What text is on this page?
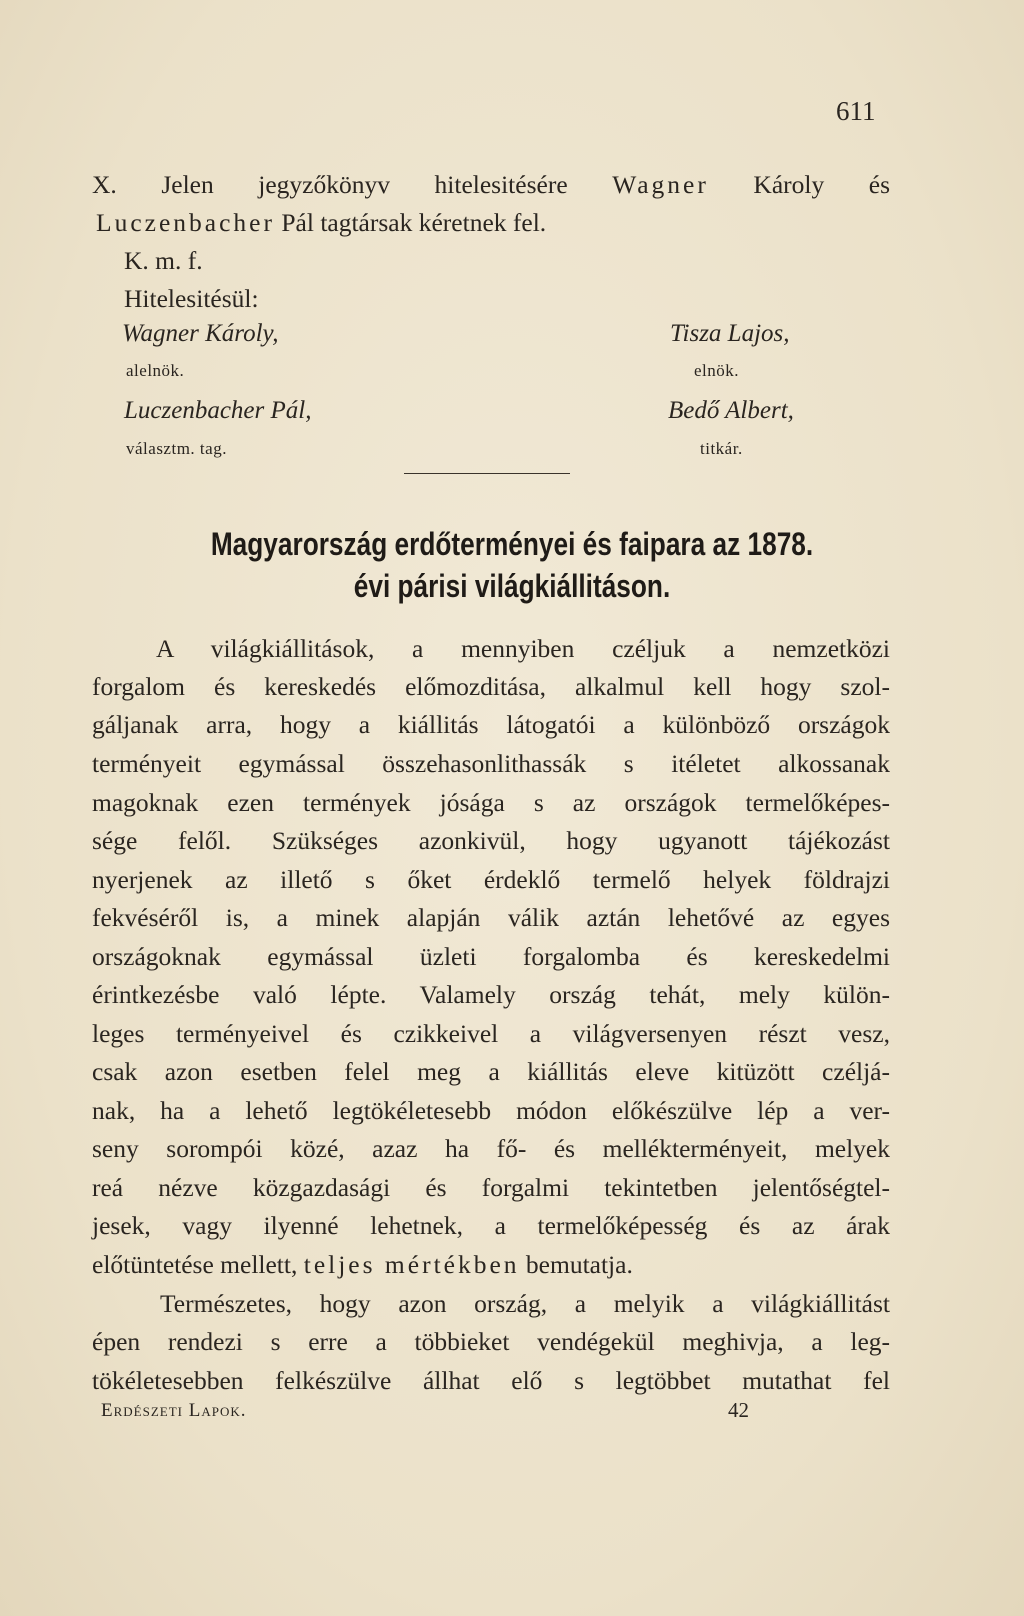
611
X. Jelen jegyzőkönyv hitelesitésére Wagner Károly és
Luczenbacher Pál tagtársak kéretnek fel.
K. m. f.
Hitelesitésül:
Wagner Károly,
alelnök.
Luczenbacher Pál,
választm. tag.
Tisza Lajos,
elnök.
Bedő Albert,
titkár.
Magyarország erdőterményei és faipara az 1878.
évi párisi világkiállitáson.
A világkiállitások, a mennyiben czéljuk a nemzetközi
forgalom és kereskedés előmozditása, alkalmul kell hogy szol-
gáljanak arra, hogy a kiállitás látogatói a különböző országok
terményeit egymással összehasonlithassák s itéletet alkossanak
magoknak ezen termények jósága s az országok termelőképes-
sége felől. Szükséges azonkivül, hogy ugyanott tájékozást
nyerjenek az illető s őket érdeklő termelő helyek földrajzi
fekvéséről is, a minek alapján válik aztán lehetővé az egyes
országoknak egymással üzleti forgalomba és kereskedelmi
érintkezésbe való lépte. Valamely ország tehát, mely külön-
leges terményeivel és czikkeivel a világversenyen részt vesz,
csak azon esetben felel meg a kiállitás eleve kitüzött czéljá-
nak, ha a lehető legtökéletesebb módon előkészülve lép a ver-
seny sorompói közé, azaz ha fő- és mellékterményeit, melyek
reá nézve közgazdasági és forgalmi tekintetben jelentőségtel-
jesek, vagy ilyenné lehetnek, a termelőképesség és az árak
előtüntetése mellett, teljes mértékben bemutatja.
Természetes, hogy azon ország, a melyik a világkiállitást
épen rendezi s erre a többieket vendégekül meghivja, a leg-
tökéletesebben felkészülve állhat elő s legtöbbet mutathat fel
Erdészeti Lapok.	42
